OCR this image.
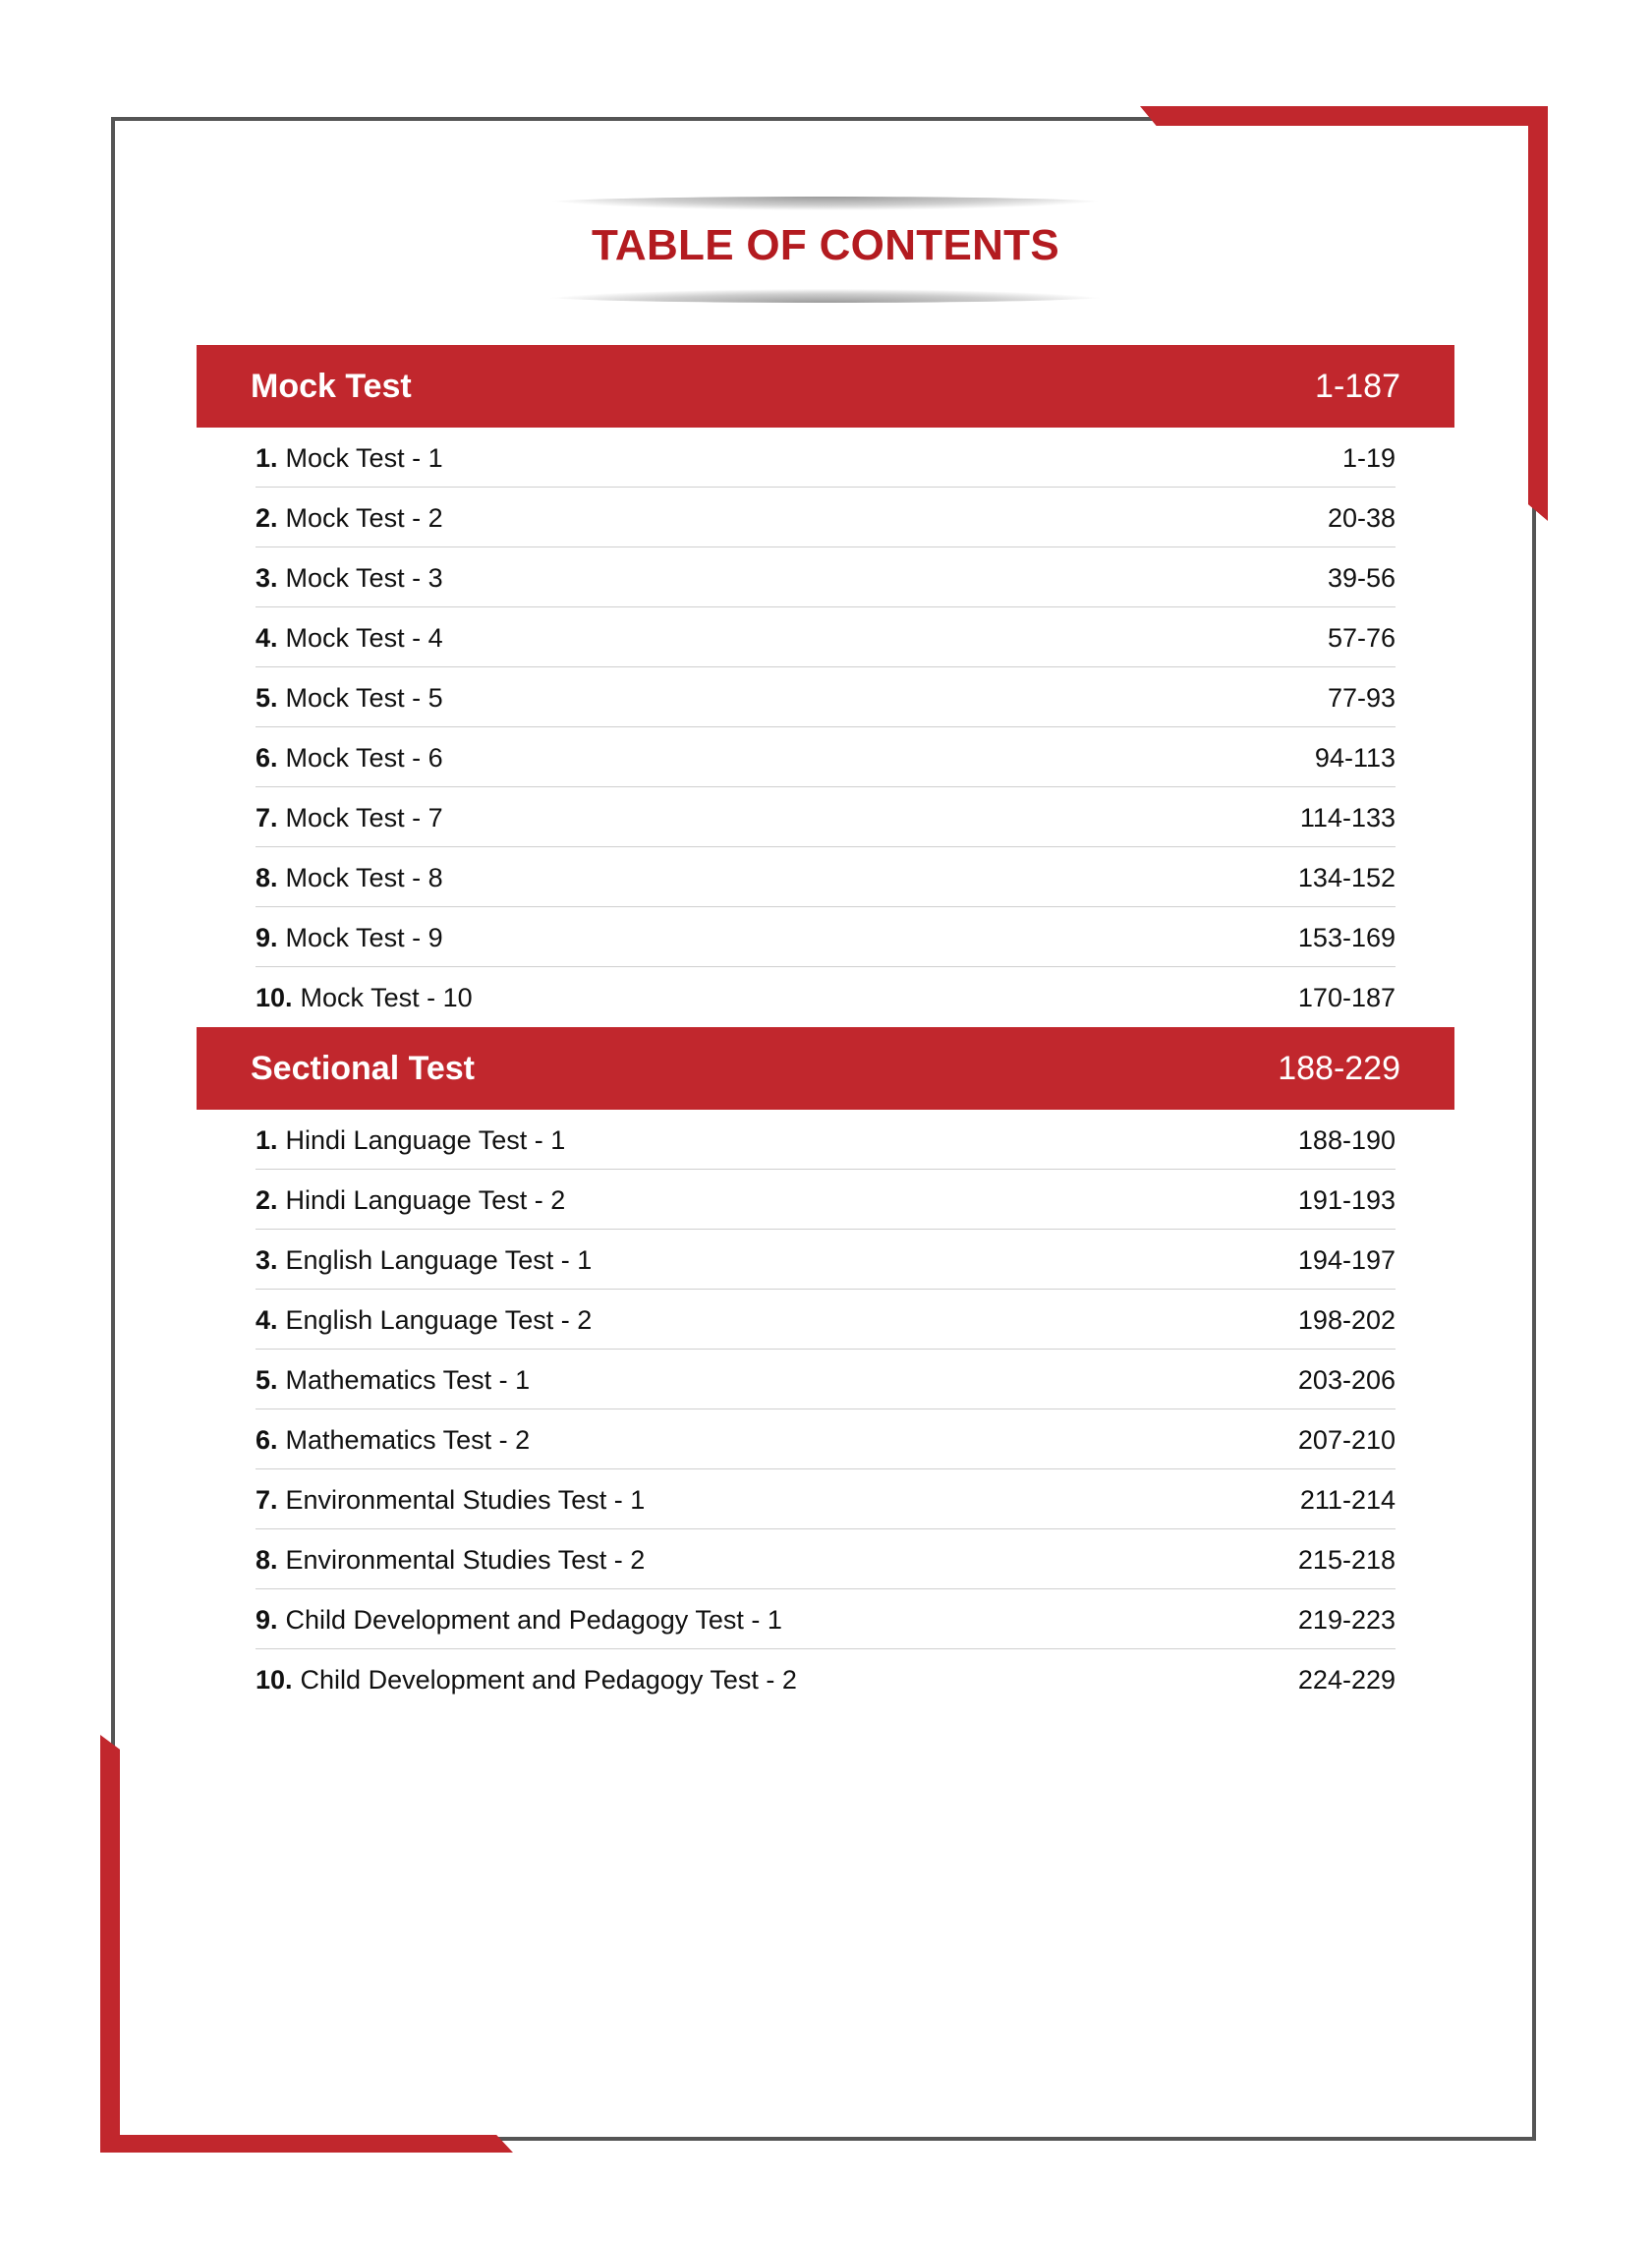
TABLE OF CONTENTS
Mock Test	1-187
1. Mock Test - 1	1-19
2. Mock Test - 2	20-38
3. Mock Test - 3	39-56
4. Mock Test - 4	57-76
5. Mock Test - 5	77-93
6. Mock Test - 6	94-113
7. Mock Test - 7	114-133
8. Mock Test - 8	134-152
9. Mock Test - 9	153-169
10. Mock Test - 10	170-187
Sectional Test	188-229
1. Hindi Language Test - 1	188-190
2. Hindi Language Test - 2	191-193
3. English Language Test - 1	194-197
4. English Language Test - 2	198-202
5. Mathematics Test - 1	203-206
6. Mathematics Test - 2	207-210
7. Environmental Studies Test - 1	211-214
8. Environmental Studies Test - 2	215-218
9. Child Development and Pedagogy Test - 1	219-223
10. Child Development and Pedagogy Test - 2	224-229
